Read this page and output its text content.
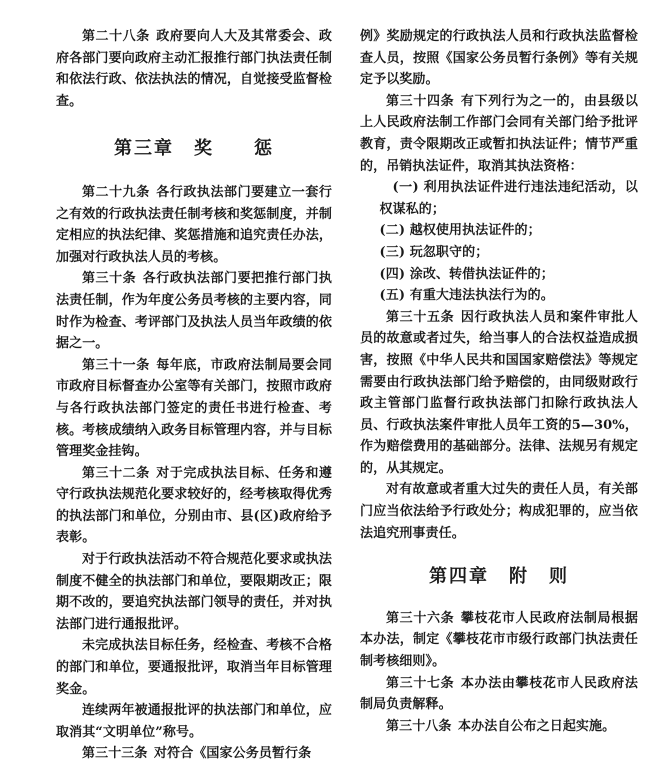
第二十八条 政府要向人大及其常委会、政府各部门要向政府主动汇报推行部门执法责任制和依法行政、依法执法的情况，自觉接受监督检查。

第三章　奖　　惩

第二十九条 各行政执法部门要建立一套行之有效的行政执法责任制考核和奖惩制度，并制定相应的执法纪律、奖惩措施和追究责任办法，加强对行政执法人员的考核。

第三十条 各行政执法部门要把推行部门执法责任制，作为年度公务员考核的主要内容，同时作为检查、考评部门及执法人员当年政绩的依据之一。

第三十一条 每年底，市政府法制局要会同市政府目标督查办公室等有关部门，按照市政府与各行政执法部门签定的责任书进行检查、考核。考核成绩纳入政务目标管理内容，并与目标管理奖金挂钩。

第三十二条 对于完成执法目标、任务和遵守行政执法规范化要求较好的，经考核取得优秀的执法部门和单位，分别由市、县(区)政府给予表彰。

对于行政执法活动不符合规范化要求或执法制度不健全的执法部门和单位，要限期改正；限期不改的，要追究执法部门领导的责任，并对执法部门进行通报批评。

未完成执法目标任务，经检查、考核不合格的部门和单位，要通报批评，取消当年目标管理奖金。

连续两年被通报批评的执法部门和单位，应取消其“文明单位”称号。

第三十三条 对符合《国家公务员暂行条

例》奖励规定的行政执法人员和行政执法监督检查人员，按照《国家公务员暂行条例》等有关规定予以奖励。

第三十四条 有下列行为之一的，由县级以上人民政府法制工作部门会同有关部门给予批评教育，责令限期改正或暂扣执法证件；情节严重的，吊销执法证件，取消其执法资格：

(一) 利用执法证件进行违法违纪活动，以权谋私的；

(二) 越权使用执法证件的；

(三) 玩忽职守的；

(四) 涂改、转借执法证件的；

(五) 有重大违法执法行为的。

第三十五条 因行政执法人员和案件审批人员的故意或者过失，给当事人的合法权益造成损害，按照《中华人民共和国国家赔偿法》等规定需要由行政执法部门给予赔偿的，由同级财政行政主管部门监督行政执法部门扣除行政执法人员、行政执法案件审批人员年工资的5—30%，作为赔偿费用的基础部分。法律、法规另有规定的，从其规定。

对有故意或者重大过失的责任人员，有关部门应当依法给予行政处分；构成犯罪的，应当依法追究刑事责任。

第四章　附　则

第三十六条 攀枝花市人民政府法制局根据本办法，制定《攀枝花市市级行政部门执法责任制考核细则》。

第三十七条 本办法由攀枝花市人民政府法制局负责解释。

第三十八条 本办法自公布之日起实施。
